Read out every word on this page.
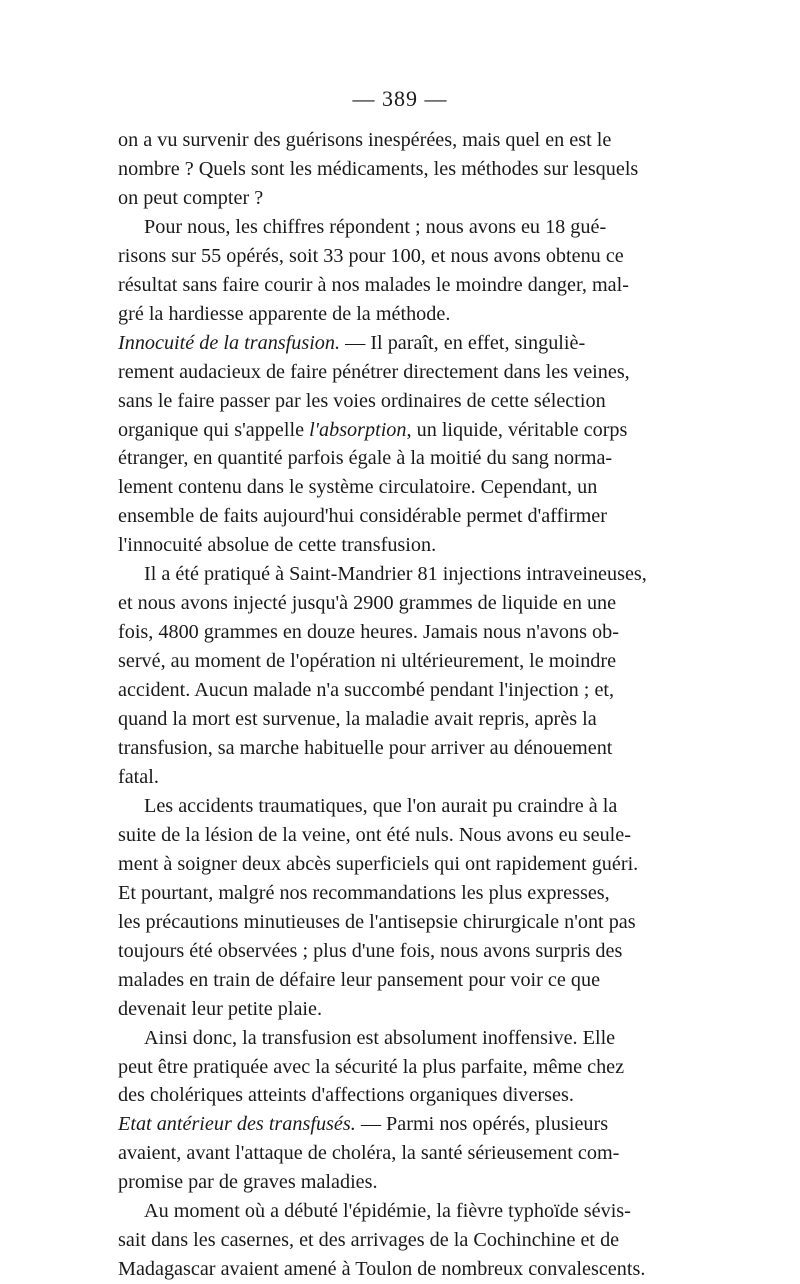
— 389 —

on a vu survenir des guérisons inespérées, mais quel en est le
nombre ? Quels sont les médicaments, les méthodes sur lesquels
on peut compter ?

Pour nous, les chiffres répondent ; nous avons eu 18 gué-
risons sur 55 opérés, soit 33 pour 100, et nous avons obtenu ce
résultat sans faire courir à nos malades le moindre danger, mal-
gré la hardiesse apparente de la méthode.

Innocuité de la transfusion. — Il paraît, en effet, singuliè-
rement audacieux de faire pénétrer directement dans les veines,
sans le faire passer par les voies ordinaires de cette sélection
organique qui s'appelle l'absorption, un liquide, véritable corps
étranger, en quantité parfois égale à la moitié du sang norma-
lement contenu dans le système circulatoire. Cependant, un
ensemble de faits aujourd'hui considérable permet d'affirmer
l'innocuité absolue de cette transfusion.

Il a été pratiqué à Saint-Mandrier 81 injections intraveineuses,
et nous avons injecté jusqu'à 2900 grammes de liquide en une
fois, 4800 grammes en douze heures. Jamais nous n'avons ob-
servé, au moment de l'opération ni ultérieurement, le moindre
accident. Aucun malade n'a succombé pendant l'injection ; et,
quand la mort est survenue, la maladie avait repris, après la
transfusion, sa marche habituelle pour arriver au dénouement
fatal.

Les accidents traumatiques, que l'on aurait pu craindre à la
suite de la lésion de la veine, ont été nuls. Nous avons eu seule-
ment à soigner deux abcès superficiels qui ont rapidement guéri.
Et pourtant, malgré nos recommandations les plus expresses,
les précautions minutieuses de l'antisepsie chirurgicale n'ont pas
toujours été observées ; plus d'une fois, nous avons surpris des
malades en train de défaire leur pansement pour voir ce que
devenait leur petite plaie.

Ainsi donc, la transfusion est absolument inoffensive. Elle
peut être pratiquée avec la sécurité la plus parfaite, même chez
des cholériques atteints d'affections organiques diverses.

Etat antérieur des transfusés. — Parmi nos opérés, plusieurs
avaient, avant l'attaque de choléra, la santé sérieusement com-
promise par de graves maladies.

Au moment où a débuté l'épidémie, la fièvre typhoïde sévis-
sait dans les casernes, et des arrivages de la Cochinchine et de
Madagascar avaient amené à Toulon de nombreux convalescents.
